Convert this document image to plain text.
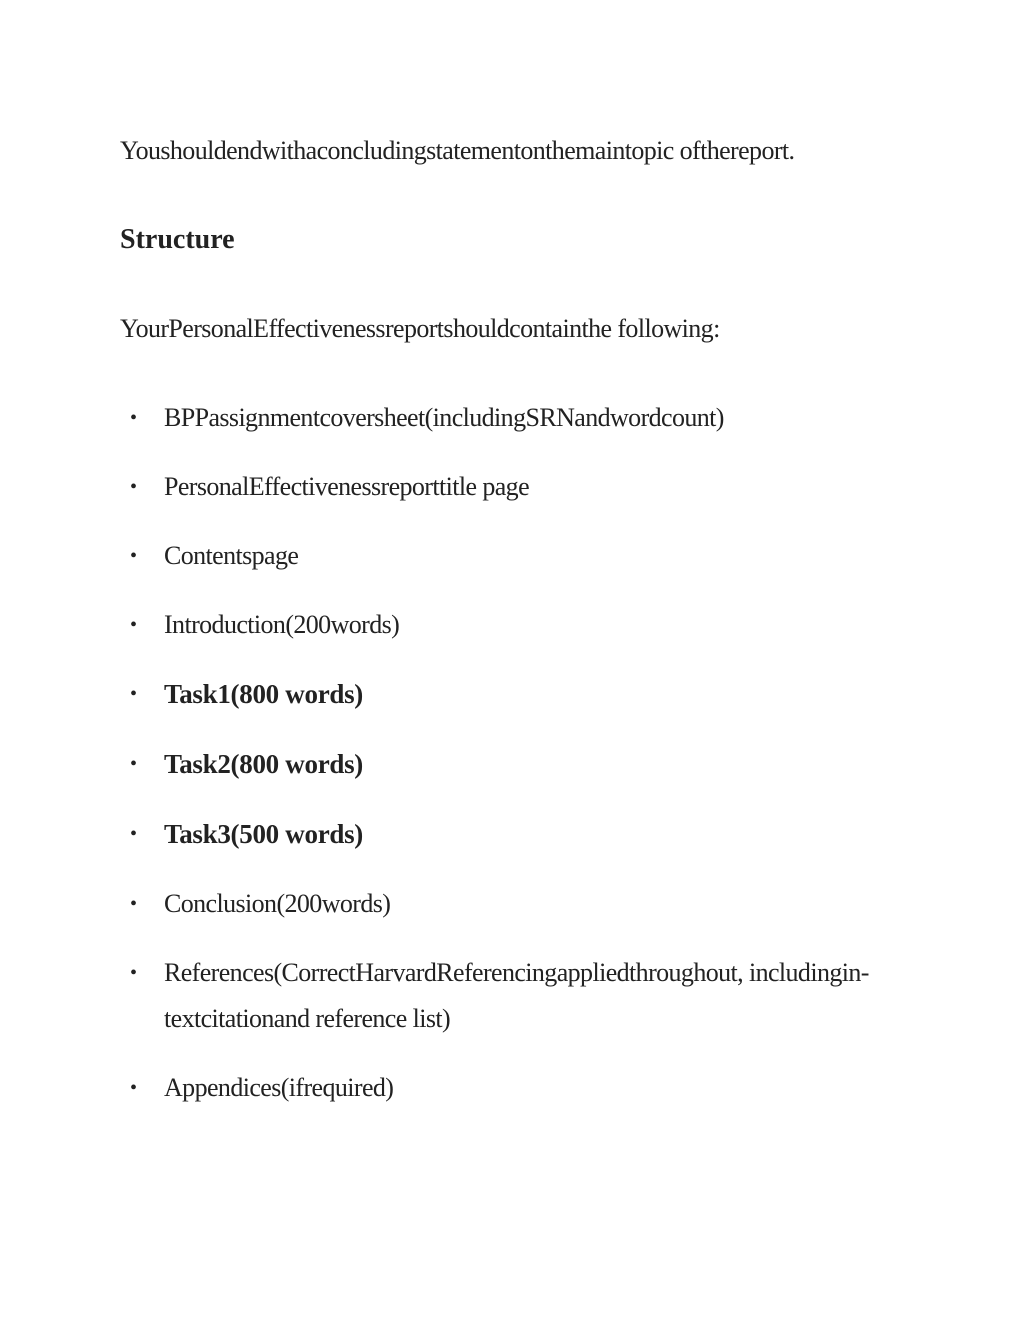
Youshouldendwithaconcludingstatementonthemaintopic ofthereport.

Structure

YourPersonalEffectivenessreportshouldcontainthe following:

• BPPassignmentcoversheet(includingSRNandwordcount)
• PersonalEffectivenessreporttitle page
• Contentspage
• Introduction(200words)
• Task1(800 words)
• Task2(800 words)
• Task3(500 words)
• Conclusion(200words)
• References(CorrectHarvardReferencingappliedthroughout, includingin-textcitationand reference list)
• Appendices(ifrequired)
